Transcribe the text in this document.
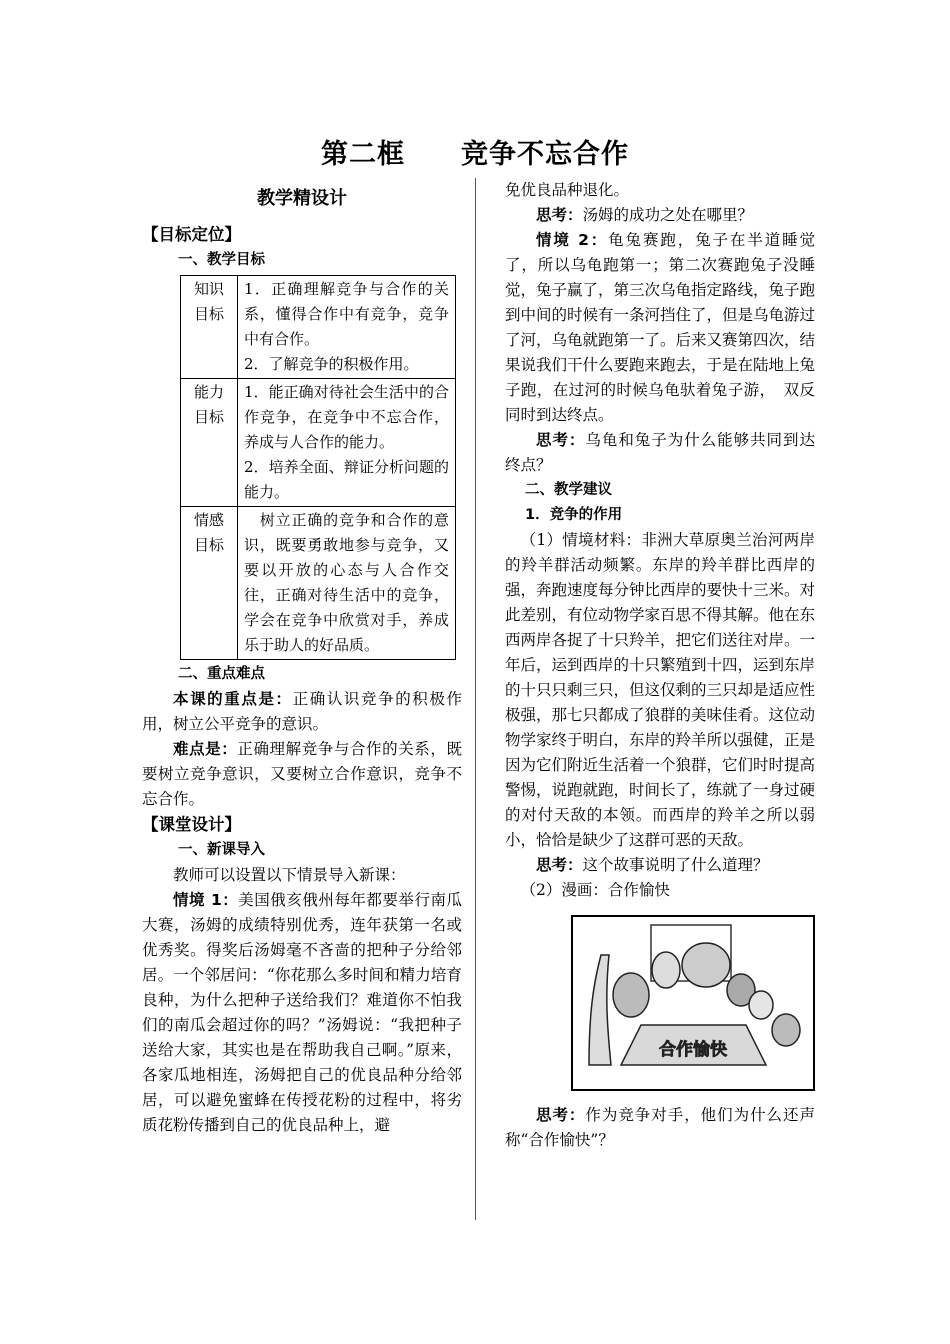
第二框 竞争不忘合作
教学精设计
【目标定位】
一、教学目标
知识目标	1．正确理解竞争与合作的关系，懂得合作中有竞争，竞争中有合作。

2．了解竞争的积极作用。

能力目标	1．能正确对待社会生活中的合作竞争，在竞争中不忘合作，养成与人合作的能力。

2．培养全面、辩证分析问题的能力。

情感目标	　树立正确的竞争和合作的意识，既要勇敢地参与竞争，又要以开放的心态与人合作交往，正确对待生活中的竞争，学会在竞争中欣赏对手，养成乐于助人的好品质。

二、重点难点

本课的重点是：正确认识竞争的积极作用，树立公平竞争的意识。

难点是：正确理解竞争与合作的关系，既要树立竞争意识，又要树立合作意识，竞争不忘合作。

【课堂设计】
一、新课导入

教师可以设置以下情景导入新课：

情境 1：美国俄亥俄州每年都要举行南瓜大赛，汤姆的成绩特别优秀，连年获第一名或优秀奖。得奖后汤姆毫不吝啬的把种子分给邻居。一个邻居问：“你花那么多时间和精力培育良种，为什么把种子送给我们？难道你不怕我们的南瓜会超过你的吗？”汤姆说：“我把种子送给大家，其实也是在帮助我自己啊。”原来，各家瓜地相连，汤姆把自己的优良品种分给邻居，可以避免蜜蜂在传授花粉的过程中，将劣质花粉传播到自己的优良品种上，避

免优良品种退化。

思考：汤姆的成功之处在哪里？

情境 2：龟兔赛跑，兔子在半道睡觉了，所以乌龟跑第一；第二次赛跑兔子没睡觉，兔子赢了，第三次乌龟指定路线，兔子跑到中间的时候有一条河挡住了，但是乌龟游过了河，乌龟就跑第一了。后来又赛第四次，结果说我们干什么要跑来跑去，于是在陆地上兔子跑，在过河的时候乌龟驮着兔子游，　双反同时到达终点。

思考：乌龟和兔子为什么能够共同到达终点？

二、教学建议
1．竞争的作用

（1）情境材料：非洲大草原奥兰治河两岸的羚羊群活动频繁。东岸的羚羊群比西岸的强，奔跑速度每分钟比西岸的要快十三米。对此差别，有位动物学家百思不得其解。他在东西两岸各捉了十只羚羊，把它们送往对岸。一年后，运到西岸的十只繁殖到十四，运到东岸的十只只剩三只，但这仅剩的三只却是适应性极强，那七只都成了狼群的美味佳肴。这位动物学家终于明白，东岸的羚羊所以强健，正是因为它们附近生活着一个狼群，它们时时提高警惕，说跑就跑，时间长了，练就了一身过硬的对付天敌的本领。而西岸的羚羊之所以弱小，恰恰是缺少了这群可恶的天敌。

思考：这个故事说明了什么道理？

（2）漫画：合作愉快

合作愉快

思考：作为竞争对手，他们为什么还声称“合作愉快”？
